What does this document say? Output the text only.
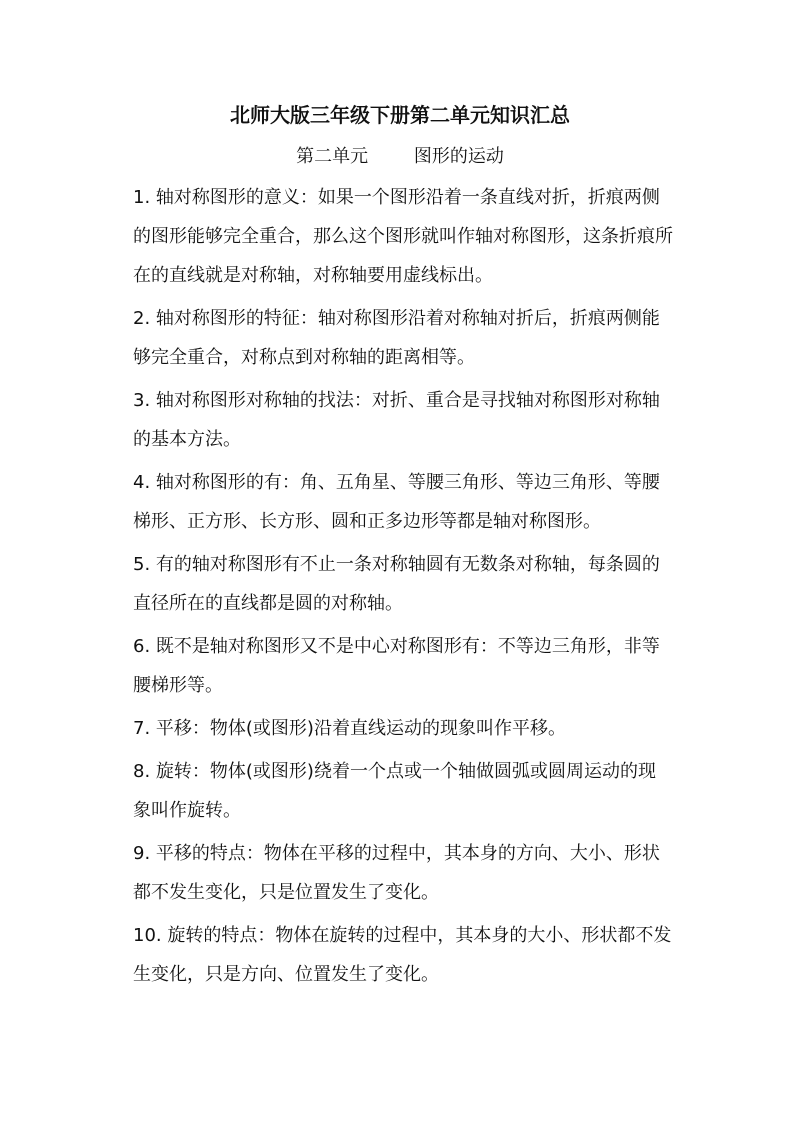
北师大版三年级下册第二单元知识汇总
第二单元        图形的运动
1. 轴对称图形的意义：如果一个图形沿着一条直线对折，折痕两侧的图形能够完全重合，那么这个图形就叫作轴对称图形，这条折痕所在的直线就是对称轴，对称轴要用虚线标出。
2. 轴对称图形的特征：轴对称图形沿着对称轴对折后，折痕两侧能够完全重合，对称点到对称轴的距离相等。
3. 轴对称图形对称轴的找法：对折、重合是寻找轴对称图形对称轴的基本方法。
4. 轴对称图形的有：角、五角星、等腰三角形、等边三角形、等腰梯形、正方形、长方形、圆和正多边形等都是轴对称图形。
5. 有的轴对称图形有不止一条对称轴圆有无数条对称轴，每条圆的直径所在的直线都是圆的对称轴。
6. 既不是轴对称图形又不是中心对称图形有：不等边三角形，非等腰梯形等。
7. 平移：物体(或图形)沿着直线运动的现象叫作平移。
8. 旋转：物体(或图形)绕着一个点或一个轴做圆弧或圆周运动的现象叫作旋转。
9. 平移的特点：物体在平移的过程中，其本身的方向、大小、形状都不发生变化，只是位置发生了变化。
10. 旋转的特点：物体在旋转的过程中，其本身的大小、形状都不发生变化，只是方向、位置发生了变化。
